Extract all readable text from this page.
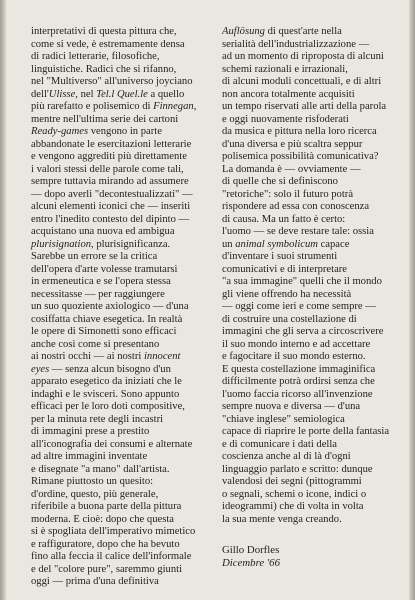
interpretativi di questa pittura che,
come si vede, è estremamente densa
di radici letterarie, filosofiche,
linguistiche. Radici che si rifanno,
nel "Multiverso" all'universo joyciano
dell'Ulisse, nel Tel.l Quel.le a quello
più rarefatto e polisemico di Finnegan,
mentre nell'ultima serie dei cartoni
Ready-games vengono in parte
abbandonate le esercitazioni letterarie
e vengono aggrediti più direttamente
i valori stessi delle parole come tali,
sempre tuttavia mirando ad assumere
— dopo averli "decontestualizzati" —
alcuni elementi iconici che — inseriti
entro l'inedito contesto del dipinto —
acquistano una nuova ed ambigua
plurisignation, plurisignificanza.
Sarebbe un errore se la critica
dell'opera d'arte volesse tramutarsi
in ermeneutica e se l'opera stessa
necessitasse — per raggiungere
un suo quoziente axiologico — d'una
cosiffatta chiave esegetica. In realtà
le opere di Simonetti sono efficaci
anche così come si presentano
ai nostri occhi — ai nostri innocent
eyes — senza alcun bisogno d'un
apparato esegetico da iniziati che le
indaghi e le svisceri. Sono appunto
efficaci per le loro doti compositive,
per la minuta rete degli incastri
di immagini prese a prestito
all'iconografia dei consumi e alternate
ad altre immagini inventate
e disegnate "a mano" dall'artista.
Rimane piuttosto un quesito:
d'ordine, questo, più generale,
riferibile a buona parte della pittura
moderna. E cioè: dopo che questa
si è spogliata dell'imperativo mimetico
e raffiguratore, dopo che ha bevuto
fino alla feccia il calice dell'informale
e del "colore pure", saremmo giunti
oggi — prima d'una definitiva
Auflösung di quest'arte nella
serialità dell'industrializzazione —
ad un momento di riproposta di alcuni
schemi razionali e irrazionali,
di alcuni moduli concettuali, e di altri
non ancora totalmente acquisiti
un tempo riservati alle arti della parola
e oggi nuovamente risfoderati
da musica e pittura nella loro ricerca
d'una diversa e più scaltra seppur
polisemica possibilità comunicativa?
La domanda è — ovviamente —
di quelle che si definiscono
"retoriche": solo il futuro potrà
rispondere ad essa con conoscenza
di causa. Ma un fatto è certo:
l'uomo — se deve restare tale: ossia
un animal symbolicum capace
d'inventare i suoi strumenti
comunicativi e di interpretare
"a sua immagine" quelli che il mondo
gli viene offrendo ha necessità
— oggi come ieri e come sempre —
di costruire una costellazione di
immagini che gli serva a circoscrivere
il suo mondo interno e ad accettare
e fagocitare il suo mondo esterno.
E questa costellazione immaginifica
difficilmente potrà ordirsi senza che
l'uomo faccia ricorso all'invenzione
sempre nuova e diversa — d'una
"chiave inglese" semiologica
capace di riaprire le porte della fantasia
e di comunicare i dati della
coscienza anche al di là d'ogni
linguaggio parlato e scritto: dunque
valendosi dei segni (pittogrammi
o segnali, schemi o icone, indici o
ideogrammi) che di volta in volta
la sua mente venga creando.
Gillo Dorfles
Dicembre '66
